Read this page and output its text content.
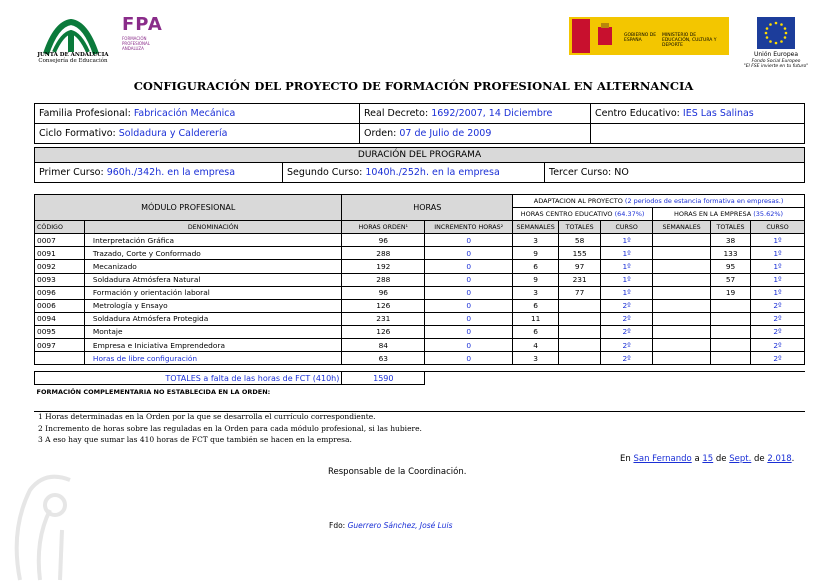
JUNTA DE ANDALUCIA
Consejería de Educación
FPA
FORMACIÓN PROFESIONAL ANDALUZA
GOBIERNO DE ESPAÑA
MINISTERIO DE EDUCACIÓN, CULTURA Y DEPORTE
Unión Europea
Fondo Social Europeo
"El FSE invierte en tu futuro"
CONFIGURACIÓN DEL PROYECTO DE FORMACIÓN PROFESIONAL EN ALTERNANCIA
Familia Profesional: Fabricación Mecánica	Real Decreto: 1692/2007, 14 Diciembre	Centro Educativo: IES Las Salinas
Ciclo Formativo: Soldadura y Calderería	Orden: 07 de Julio de 2009	
DURACIÓN DEL PROGRAMA
Primer Curso: 960h./342h. en la empresa	Segundo Curso: 1040h./252h. en la empresa	Tercer Curso: NO
MÓDULO PROFESIONAL		HORAS		ADAPTACION AL PROYECTO (2 periodos de estancia formativa en empresas.)					
				HORAS CENTRO EDUCATIVO (64.37%)			HORAS EN LA EMPRESA (35.62%)		
CÓDIGO	DENOMINACIÓN	HORAS ORDEN¹	INCREMENTO HORAS²	SEMANALES	TOTALES	CURSO	SEMANALES	TOTALES	CURSO
0007	Interpretación Gráfica	96	0	3	58	1º		38	1º
0091	Trazado, Corte y Conformado	288	0	9	155	1º		133	1º
0092	Mecanizado	192	0	6	97	1º		95	1º
0093	Soldadura Atmósfera Natural	288	0	9	231	1º		57	1º
0096	Formación y orientación laboral	96	0	3	77	1º		19	1º
0006	Metrología y Ensayo	126	0	6		2º			2º
0094	Soldadura Atmósfera Protegida	231	0	11		2º			2º
0095	Montaje	126	0	6		2º			2º
0097	Empresa e Iniciativa Emprendedora	84	0	4		2º			2º
	Horas de libre configuración	63	0	3		2º			2º

TOTALES a falta de las horas de FCT (410h)		1590							
FORMACIÓN COMPLEMENTARIA NO ESTABLECIDA EN LA ORDEN:									
1 Horas determinadas en la Orden por la que se desarrolla el currículo correspondiente.
2 Incremento de horas sobre las reguladas en la Orden para cada módulo profesional, si las hubiere.
3 A eso hay que sumar las 410 horas de FCT que también se hacen en la empresa.
En San Fernando a 15 de Sept. de 2.018.
Responsable de la Coordinación.
Fdo: Guerrero Sánchez, José Luis
